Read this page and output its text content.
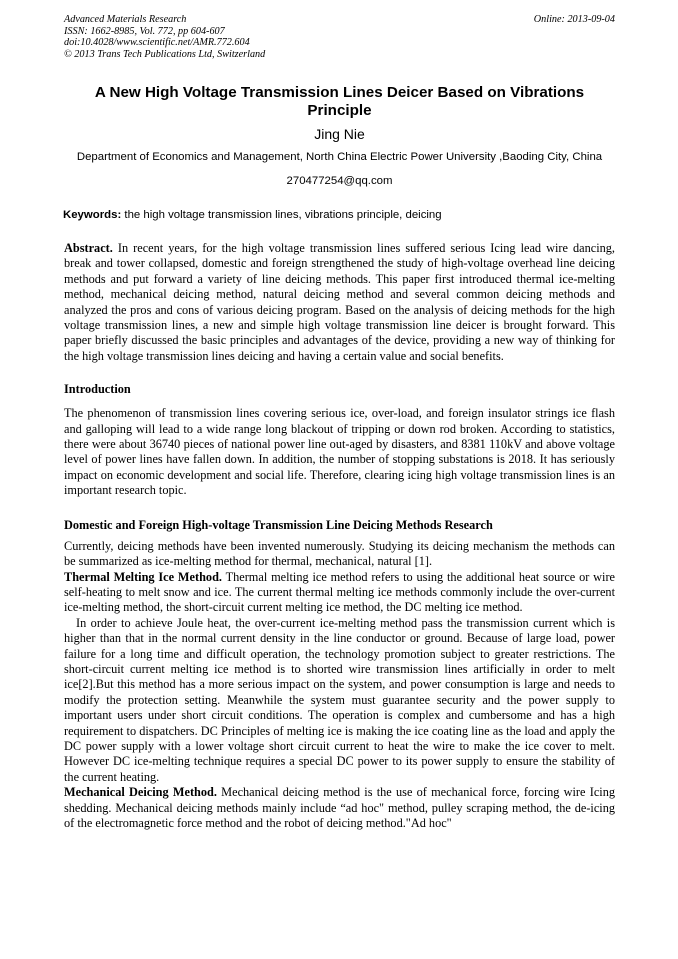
Advanced Materials Research
ISSN: 1662-8985, Vol. 772, pp 604-607
doi:10.4028/www.scientific.net/AMR.772.604
© 2013 Trans Tech Publications Ltd, Switzerland
Online: 2013-09-04
A New High Voltage Transmission Lines Deicer Based on Vibrations Principle
Jing Nie
Department of Economics and Management, North China Electric Power University ,Baoding City, China
270477254@qq.com
Keywords: the high voltage transmission lines, vibrations principle, deicing

Abstract. In recent years, for the high voltage transmission lines suffered serious Icing lead wire dancing, break and tower collapsed, domestic and foreign strengthened the study of high-voltage overhead line deicing methods and put forward a variety of line deicing methods. This paper first introduced thermal ice-melting method, mechanical deicing method, natural deicing method and several common deicing methods and analyzed the pros and cons of various deicing program. Based on the analysis of deicing methods for the high voltage transmission lines, a new and simple high voltage transmission line deicer is brought forward. This paper briefly discussed the basic principles and advantages of the device, providing a new way of thinking for the high voltage transmission lines deicing and having a certain value and social benefits.

Introduction

The phenomenon of transmission lines covering serious ice, over-load, and foreign insulator strings ice flash and galloping will lead to a wide range long blackout of tripping or down rod broken. According to statistics, there were about 36740 pieces of national power line out-aged by disasters, and 8381 110kV and above voltage level of power lines have fallen down. In addition, the number of stopping substations is 2018. It has seriously impact on economic development and social life. Therefore, clearing icing high voltage transmission lines is an important research topic.

Domestic and Foreign High-voltage Transmission Line Deicing Methods Research

Currently, deicing methods have been invented numerously. Studying its deicing mechanism the methods can be summarized as ice-melting method for thermal, mechanical, natural [1].

Thermal Melting Ice Method. Thermal melting ice method refers to using the additional heat source or wire self-heating to melt snow and ice. The current thermal melting ice methods commonly include the over-current ice-melting method, the short-circuit current melting ice method, the DC melting ice method.

In order to achieve Joule heat, the over-current ice-melting method pass the transmission current which is higher than that in the normal current density in the line conductor or ground. Because of large load, power failure for a long time and difficult operation, the technology promotion subject to greater restrictions. The short-circuit current melting ice method is to shorted wire transmission lines artificially in order to melt ice[2].But this method has a more serious impact on the system, and power consumption is large and needs to modify the protection setting. Meanwhile the system must guarantee security and the power supply to important users under short circuit conditions. The operation is complex and cumbersome and has a high requirement to dispatchers. DC Principles of melting ice is making the ice coating line as the load and apply the DC power supply with a lower voltage short circuit current to heat the wire to make the ice cover to melt. However DC ice-melting technique requires a special DC power to its power supply to ensure the stability of the current heating.

Mechanical Deicing Method. Mechanical deicing method is the use of mechanical force, forcing wire Icing shedding. Mechanical deicing methods mainly include “ad hoc" method, pulley scraping method, the de-icing of the electromagnetic force method and the robot of deicing method."Ad hoc"
